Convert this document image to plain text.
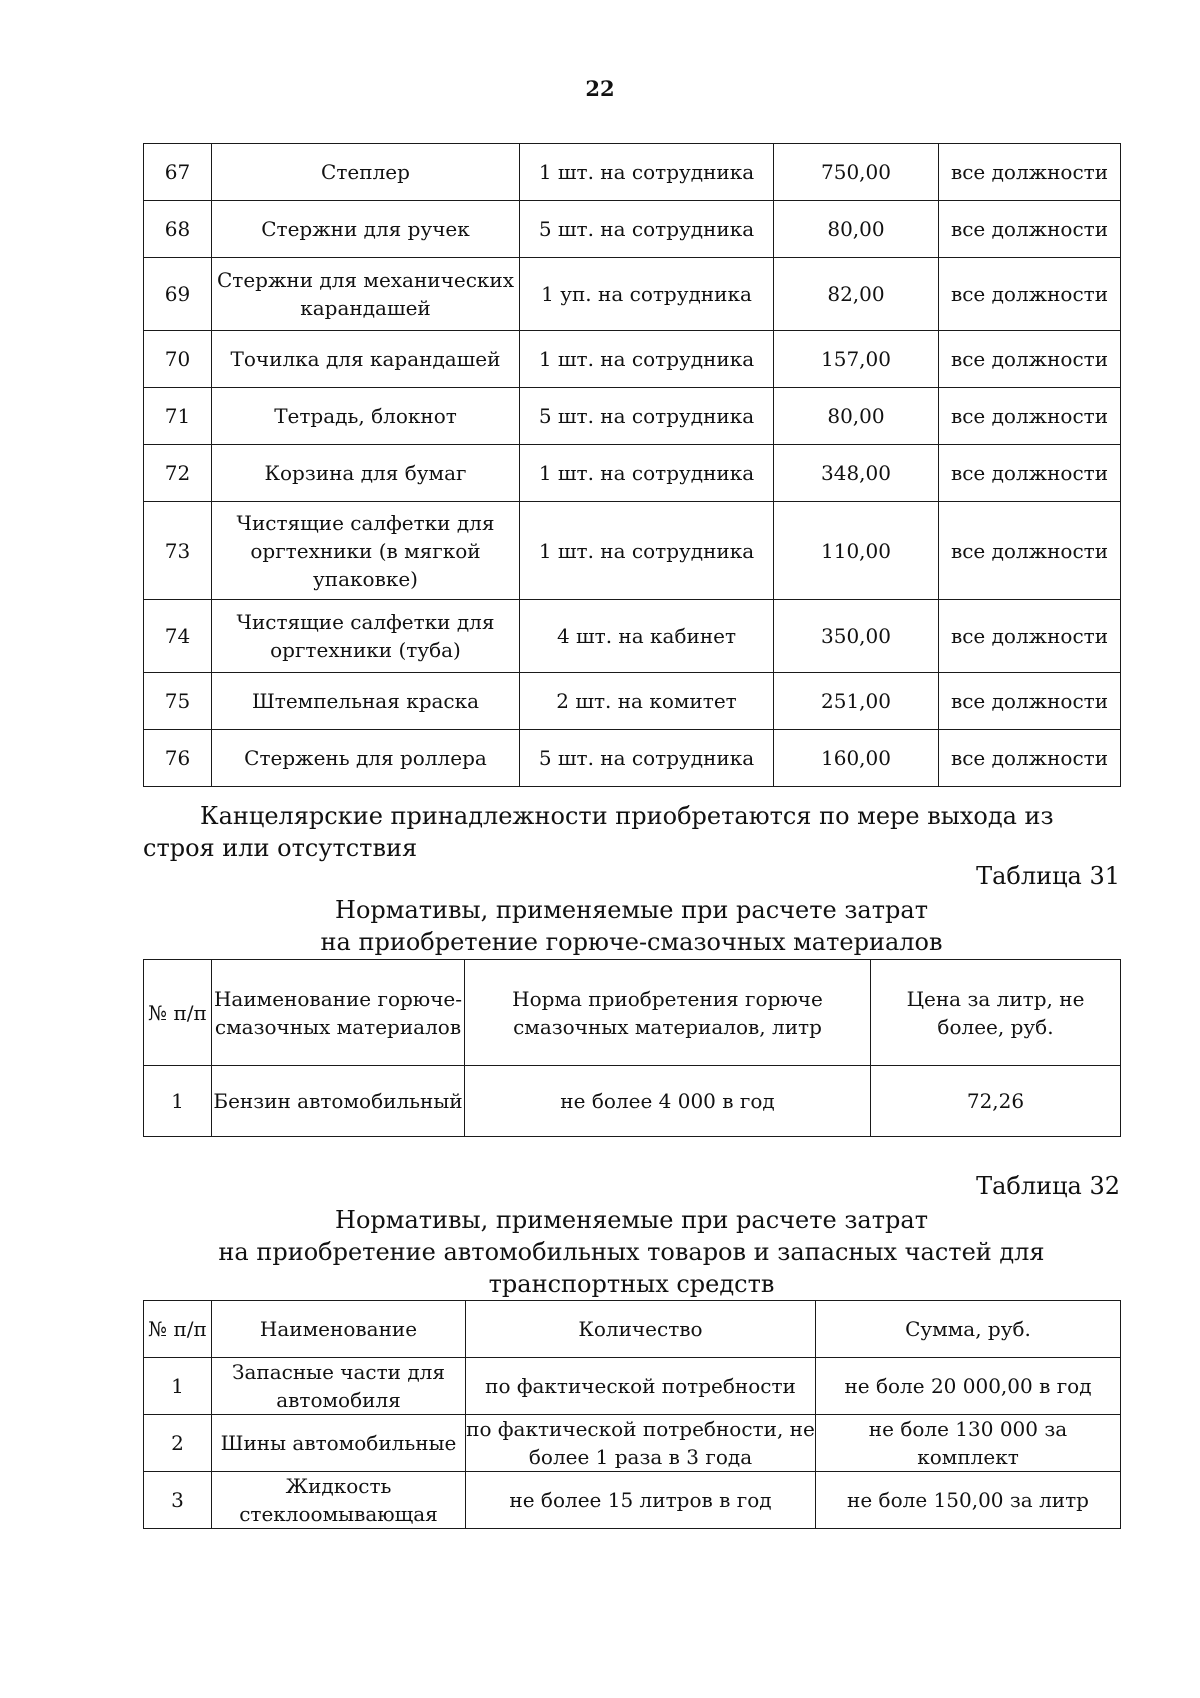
22
67	Степлер	1 шт. на сотрудника	750,00	все должности
68	Стержни для ручек	5 шт. на сотрудника	80,00	все должности
69	Стержни для механических карандашей	1 уп. на сотрудника	82,00	все должности
70	Точилка для карандашей	1 шт. на сотрудника	157,00	все должности
71	Тетрадь, блокнот	5 шт. на сотрудника	80,00	все должности
72	Корзина для бумаг	1 шт. на сотрудника	348,00	все должности
73	Чистящие салфетки для оргтехники (в мягкой упаковке)	1 шт. на сотрудника	110,00	все должности
74	Чистящие салфетки для оргтехники (туба)	4 шт. на кабинет	350,00	все должности
75	Штемпельная краска	2 шт. на комитет	251,00	все должности
76	Стержень для роллера	5 шт. на сотрудника	160,00	все должности

Канцелярские принадлежности приобретаются по мере выхода из строя или отсутствия

Таблица 31
Нормативы, применяемые при расчете затрат
на приобретение горюче-смазочных материалов
№ п/п	Наименование горюче-смазочных материалов	Норма приобретения горюче смазочных материалов, литр	Цена за литр, не более, руб.
1	Бензин автомобильный	не более 4 000 в год	72,26
Таблица 32
Нормативы, применяемые при расчете затрат
на приобретение автомобильных товаров и запасных частей для транспортных средств
№ п/п	Наименование	Количество	Сумма, руб.
1	Запасные части для автомобиля	по фактической потребности	не боле 20 000,00 в год
2	Шины автомобильные	по фактической потребности, не более 1 раза в 3 года	не боле 130 000 за комплект
3	Жидкость стеклоомывающая	не более 15 литров в год	не боле 150,00 за литр
